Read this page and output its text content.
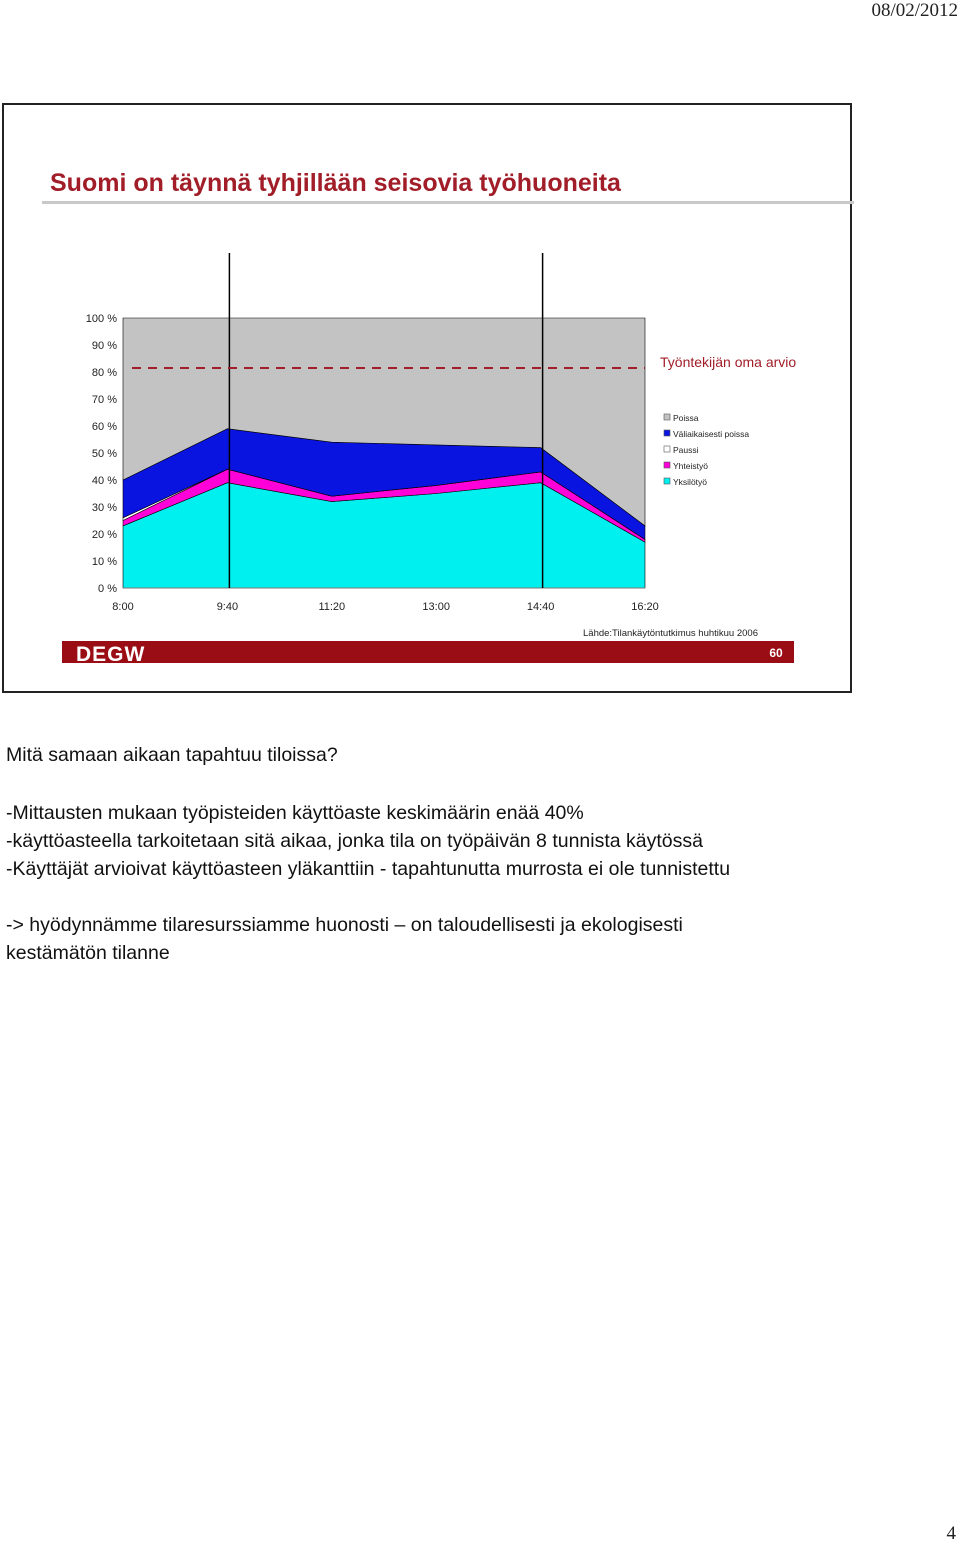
08/02/2012
Suomi on täynnä tyhjillään seisovia työhuoneita
0 %
10 %
20 %
30 %
40 %
50 %
60 %
70 %
80 %
90 %
100 %
8:00	9:40	11:20	13:00	14:40	16:20
Työntekijän oma arvio
Poissa
Väliaikaisesti poissa
Paussi
Yhteistyö
Yksilötyö
DEGW	60
Lähde:Tilankäytöntutkimus huhtikuu 2006
Mitä samaan aikaan tapahtuu tiloissa?
-Mittausten mukaan työpisteiden käyttöaste keskimäärin enää 40%
-käyttöasteella tarkoitetaan sitä aikaa, jonka tila on työpäivän 8 tunnista käytössä
-Käyttäjät arvioivat käyttöasteen yläkanttiin - tapahtunutta murrosta ei ole tunnistettu
-> hyödynnämme tilaresurssiamme huonosti – on taloudellisesti ja ekologisesti
kestämätön tilanne
4
